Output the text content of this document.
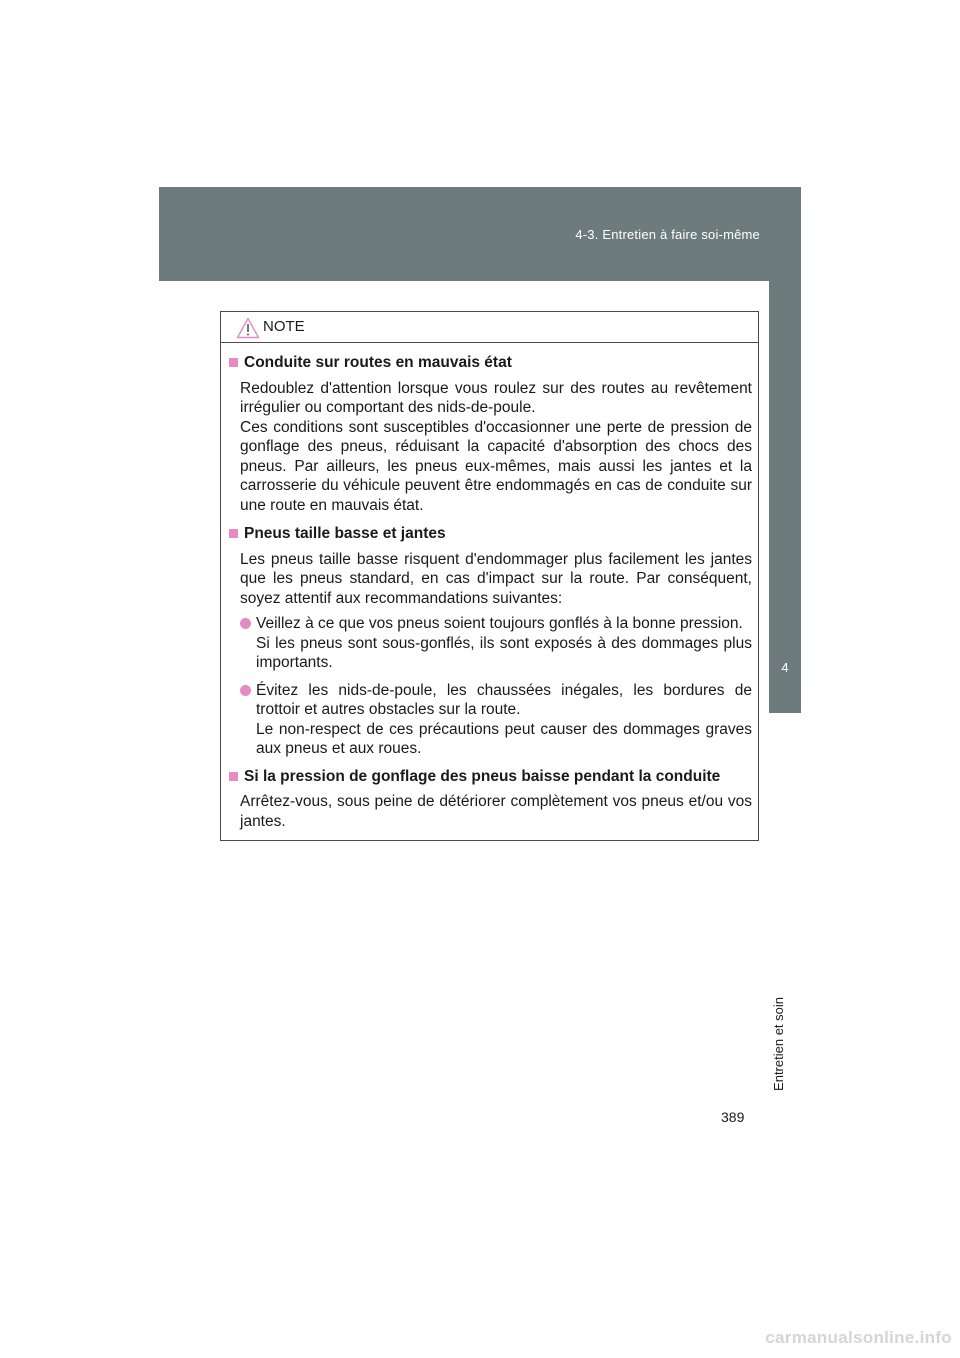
4-3. Entretien à faire soi-même
4
Entretien et soin
NOTE
Conduite sur routes en mauvais état
Redoublez d'attention lorsque vous roulez sur des routes au revêtement irrégulier ou comportant des nids-de-poule.
Ces conditions sont susceptibles d'occasionner une perte de pression de gonflage des pneus, réduisant la capacité d'absorption des chocs des pneus. Par ailleurs, les pneus eux-mêmes, mais aussi les jantes et la carrosserie du véhicule peuvent être endommagés en cas de conduite sur une route en mauvais état.
Pneus taille basse et jantes
Les pneus taille basse risquent d'endommager plus facilement les jantes que les pneus standard, en cas d'impact sur la route. Par conséquent, soyez attentif aux recommandations suivantes:
Veillez à ce que vos pneus soient toujours gonflés à la bonne pression.
Si les pneus sont sous-gonflés, ils sont exposés à des dommages plus importants.
Évitez les nids-de-poule, les chaussées inégales, les bordures de trottoir et autres obstacles sur la route.
Le non-respect de ces précautions peut causer des dommages graves aux pneus et aux roues.
Si la pression de gonflage des pneus baisse pendant la conduite
Arrêtez-vous, sous peine de détériorer complètement vos pneus et/ou vos jantes.
389
carmanualsonline.info
